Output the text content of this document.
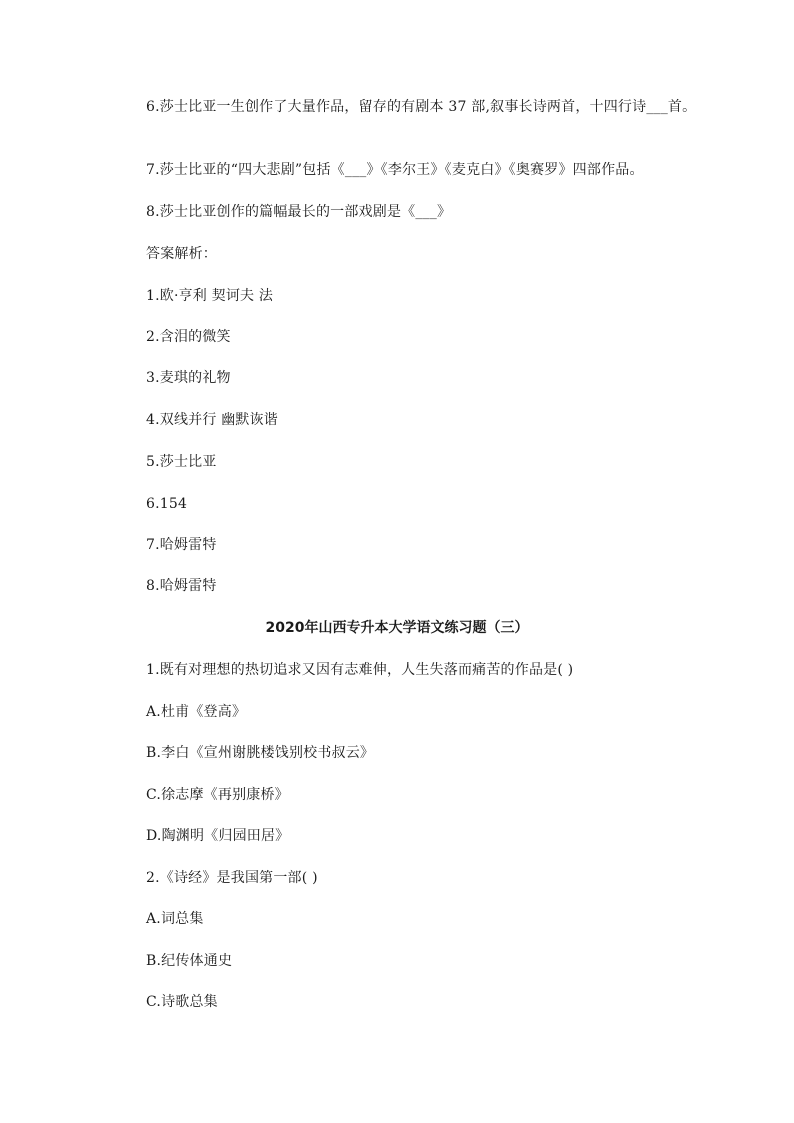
6.莎士比亚一生创作了大量作品，留存的有剧本 37 部,叙事长诗两首，十四行诗___首。
7.莎士比亚的“四大悲剧”包括《___》《李尔王》《麦克白》《奥赛罗》四部作品。
8.莎士比亚创作的篇幅最长的一部戏剧是《___》
答案解析：
1.欧·亨利 契诃夫 法
2.含泪的微笑
3.麦琪的礼物
4.双线并行 幽默诙谐
5.莎士比亚
6.154
7.哈姆雷特
8.哈姆雷特
2020年山西专升本大学语文练习题（三）
1.既有对理想的热切追求又因有志难伸，人生失落而痛苦的作品是( )
A.杜甫《登高》
B.李白《宣州谢朓楼饯别校书叔云》
C.徐志摩《再别康桥》
D.陶渊明《归园田居》
2.《诗经》是我国第一部( )
A.词总集
B.纪传体通史
C.诗歌总集
